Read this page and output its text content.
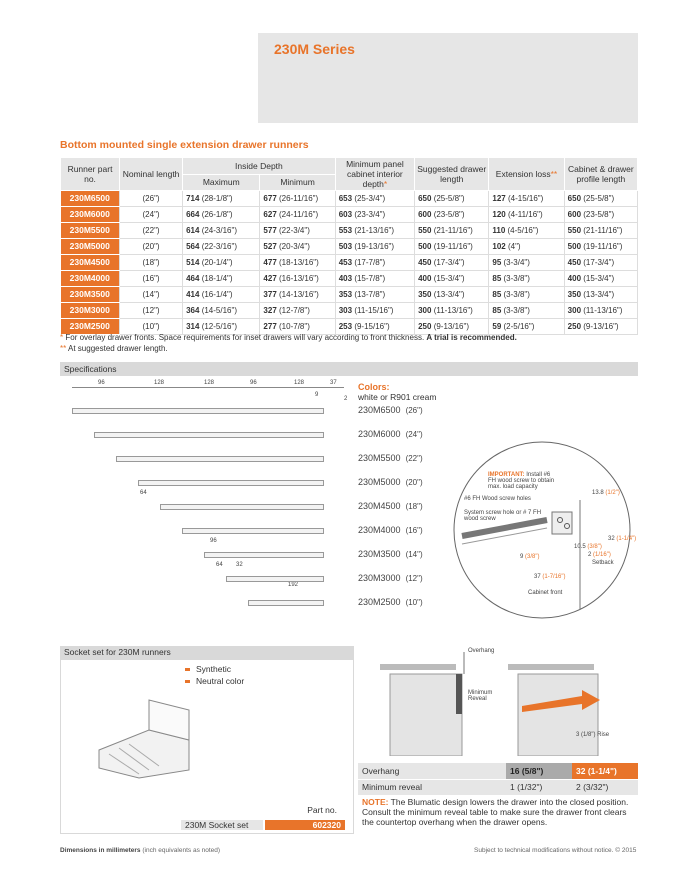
230M Series
Bottom mounted single extension drawer runners
Runner part no.	Nominal length	Inside Depth		Minimum panel cabinet interior depth*	Suggested drawer length	Extension loss**	Cabinet & drawer profile length
		Maximum	Minimum				
230M6500	(26")	714 (28-1/8")	677 (26-11/16")	653 (25-3/4")	650 (25-5/8")	127 (4-15/16")	650 (25-5/8")
230M6000	(24")	664 (26-1/8")	627 (24-11/16")	603 (23-3/4")	600 (23-5/8")	120 (4-11/16")	600 (23-5/8")
230M5500	(22")	614 (24-3/16")	577 (22-3/4")	553 (21-13/16")	550 (21-11/16")	110 (4-5/16")	550 (21-11/16")
230M5000	(20")	564 (22-3/16")	527 (20-3/4")	503 (19-13/16")	500 (19-11/16")	102 (4")	500 (19-11/16")
230M4500	(18")	514 (20-1/4")	477 (18-13/16")	453 (17-7/8")	450 (17-3/4")	95 (3-3/4")	450 (17-3/4")
230M4000	(16")	464 (18-1/4")	427 (16-13/16")	403 (15-7/8")	400 (15-3/4")	85 (3-3/8")	400 (15-3/4")
230M3500	(14")	414 (16-1/4")	377 (14-13/16")	353 (13-7/8")	350 (13-3/4")	85 (3-3/8")	350 (13-3/4")
230M3000	(12")	364 (14-5/16")	327 (12-7/8")	303 (11-15/16")	300 (11-13/16")	85 (3-3/8")	300 (11-13/16")
230M2500	(10")	314 (12-5/16")	277 (10-7/8")	253 (9-15/16")	250 (9-13/16")	59 (2-5/16")	250 (9-13/16")
* For overlay drawer fronts. Space requirements for inset drawers will vary according to front thickness. A trial is recommended.
** At suggested drawer length.
Specifications
96	128	128	96	128	37
9
2
64
96
64 32
192
230M6500 (26")
230M6000 (24")
230M5500 (22")
230M5000 (20")
230M4500 (18")
230M4000 (16")
230M3500 (14")
230M3000 (12")
230M2500 (10")
Colors:
white or R901 cream
IMPORTANT: Install #6 FH wood screw to obtain max. load capacity
#6 FH Wood screw holes
System screw hole or # 7 FH wood screw
13.8 (1/2")
32 (1-1/4")
10.5 (3/8")
9 (3/8")	2 (1/16")
Setback
37 (1-7/16")
Cabinet front
Socket set for 230M runners
Synthetic
Neutral color
Part no.
230M Socket set	602320
Overhang
Minimum Reveal
3 (1/8") Rise
Overhang	16 (5/8")	32 (1-1/4")
Minimum reveal	1 (1/32")	2 (3/32")
NOTE: The Blumatic design lowers the drawer into the closed position. Consult the minimum reveal table to make sure the drawer front clears the countertop overhang when the drawer opens.
Dimensions in millimeters (inch equivalents as noted)	Subject to technical modifications without notice. © 2015
